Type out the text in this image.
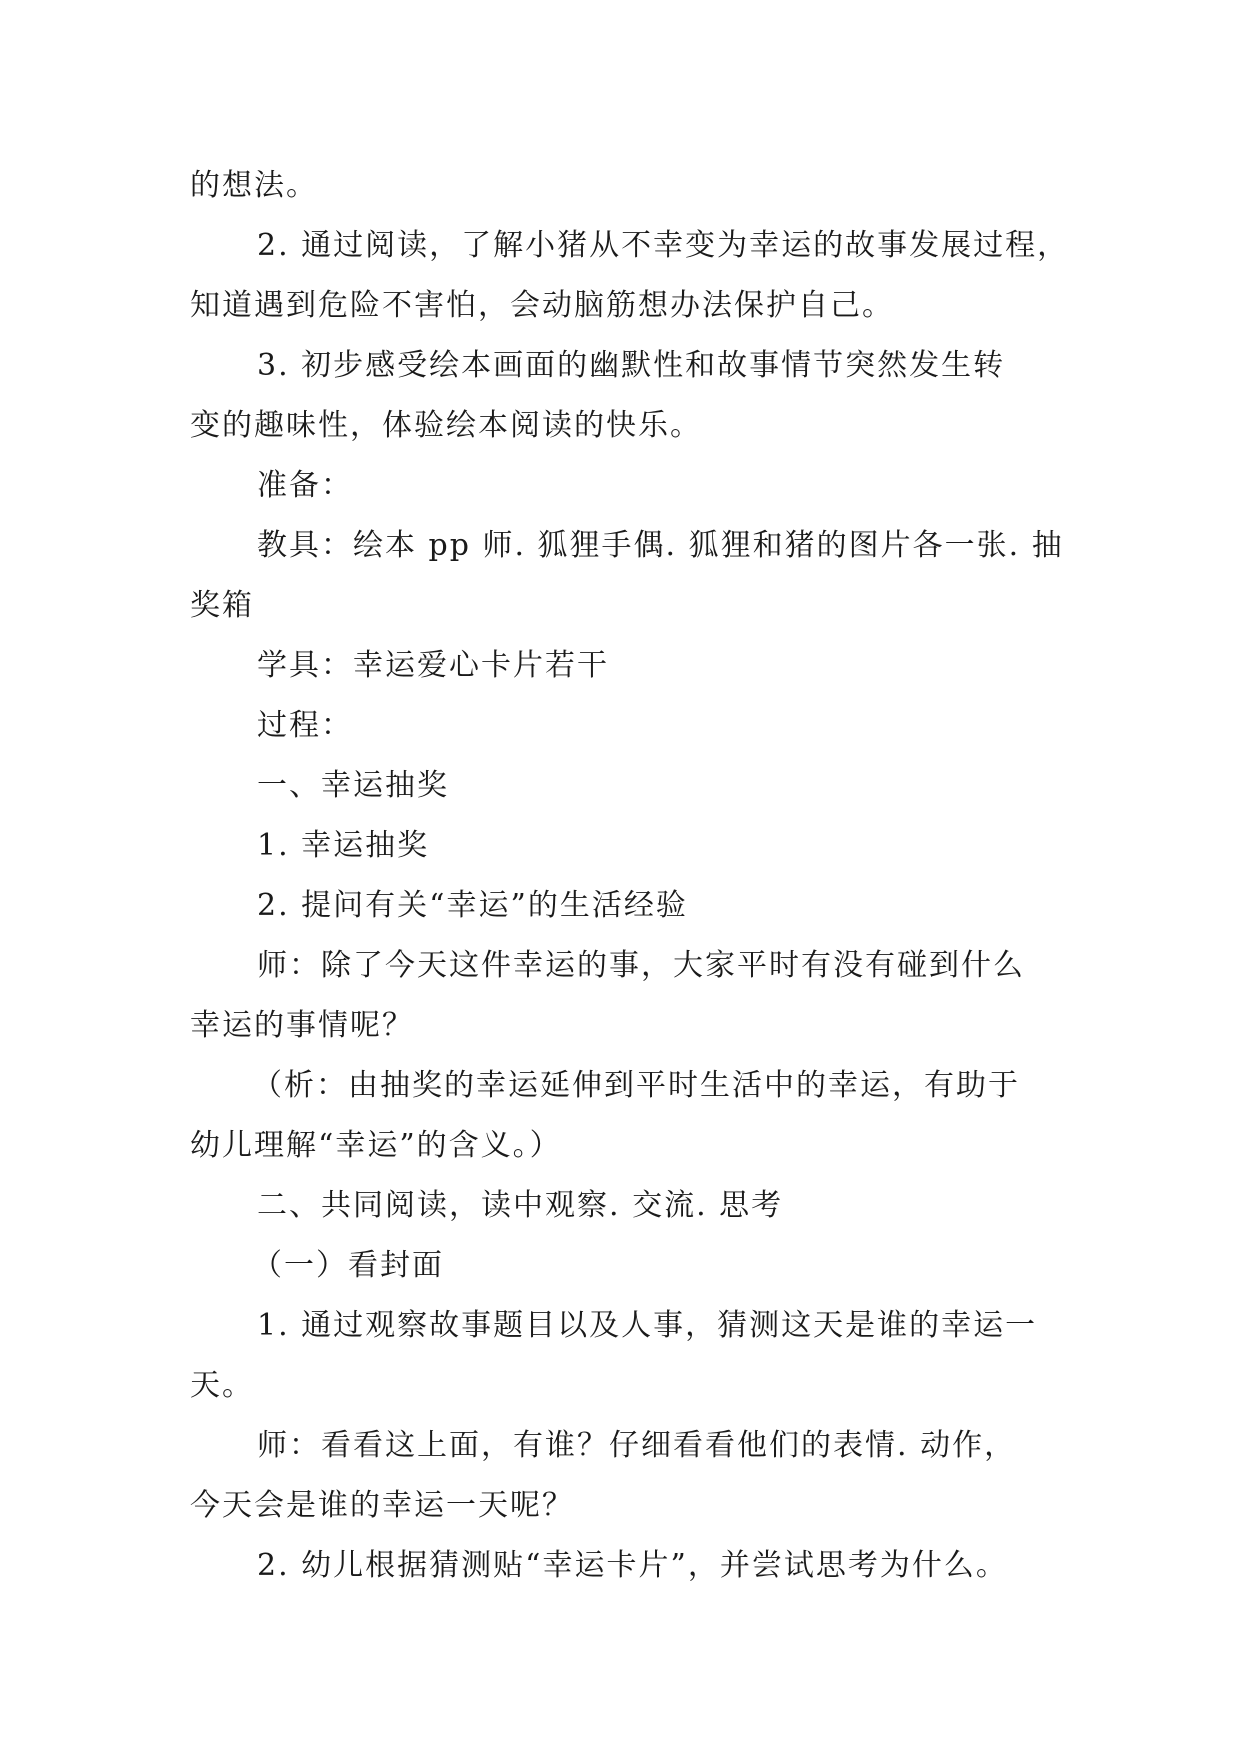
的想法。
2. 通过阅读，了解小猪从不幸变为幸运的故事发展过程，
知道遇到危险不害怕，会动脑筋想办法保护自己。
3. 初步感受绘本画面的幽默性和故事情节突然发生转
变的趣味性，体验绘本阅读的快乐。
准备：
教具：绘本 pp 师. 狐狸手偶. 狐狸和猪的图片各一张. 抽
奖箱
学具：幸运爱心卡片若干
过程：
一、幸运抽奖
1. 幸运抽奖
2. 提问有关“幸运”的生活经验
师：除了今天这件幸运的事，大家平时有没有碰到什么
幸运的事情呢？
（析：由抽奖的幸运延伸到平时生活中的幸运，有助于
幼儿理解“幸运”的含义。）
二、共同阅读，读中观察. 交流. 思考
（一）看封面
1. 通过观察故事题目以及人事，猜测这天是谁的幸运一
天。
师：看看这上面，有谁？仔细看看他们的表情. 动作，
今天会是谁的幸运一天呢？
2. 幼儿根据猜测贴“幸运卡片”，并尝试思考为什么。
